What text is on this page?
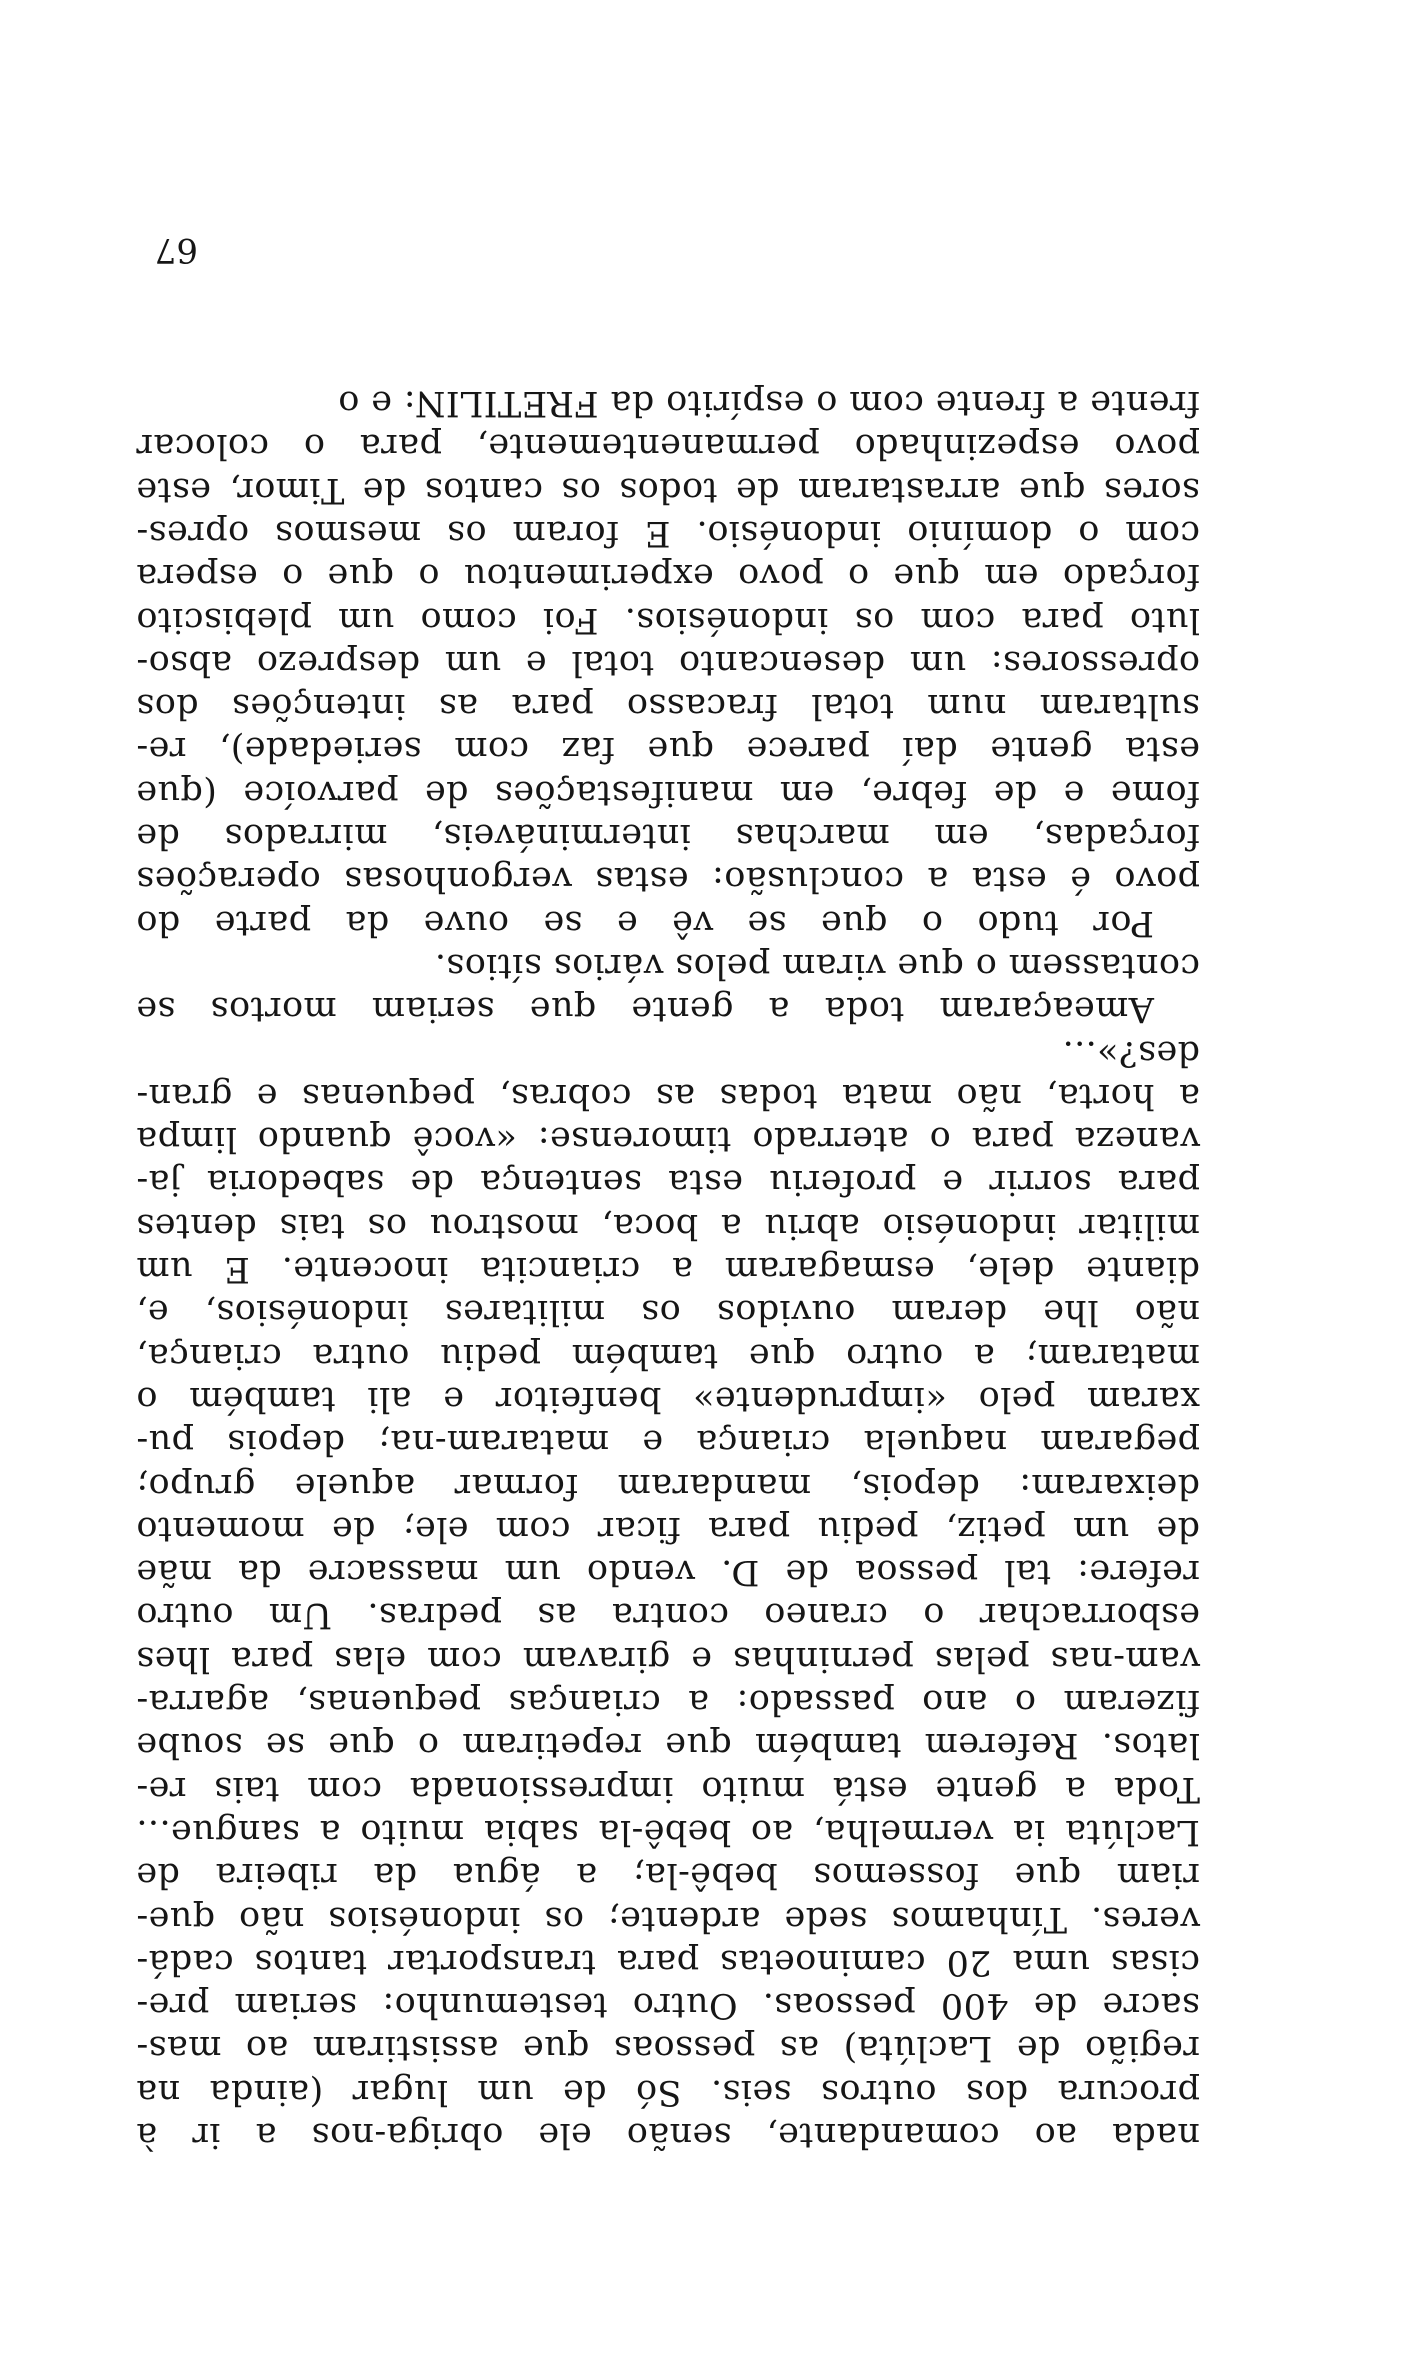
nada ao comandante, senão ele obriga-nos a ir à
procura dos outros seis. Só de um lugar (ainda na
região de Laclúta) as pessoas que assistiram ao mas-
sacre de 400 pessoas. Outro testemunho: seriam pre-
cisas uma 20 caminoetas para transportar tantos cadá-
veres. Tínhamos sede ardente; os indonésios não que-
riam que fossemos bebê-la; a água da ribeira de
Laclúta ia vermelha, ao bebê-la sabia muito a sangue...
Toda a gente está muito impressionada com tais re-
latos. Referem também que repetiram o que se soube
fizeram o ano passado: a crianças pequenas, agarra-
vam-nas pelas perninhas e giravam com elas para lhes
esborrachar o craneo contra as pedras. Um outro
refere: tal pessoa de D. vendo um massacre da mãe
de um petiz, pediu para ficar com ele; de momento
deixaram: depois, mandaram formar aquele grupo;
pegaram naquela criança e mataram-na; depois pu-
xaram pelo «imprudente» benfeitor e ali também o
mataram; a outro que também pediu outra criança,
não lhe deram ouvidos os militares indonésios, e,
diante dele, esmagaram a criancita inocente. E um
militar indonésio abriu a boca, mostrou os tais dentes
para sorrir e proferiu esta sentença de sabedoria ja-
vaneza para o aterrado timorense: «você quando limpa
a horta, não mata todas as cobras, pequenas e gran-
des?»...
Ameaçaram toda a gente que seriam mortos se
contassem o que viram pelos vários sítios.
Por tudo o que se vê e se ouve da parte do
povo é esta a conclusão: estas vergonhosas operações
forçadas, em marchas intermináveis, mirrados de
fome e de febre, em manifestações de parvoíce (que
esta gente daí parece que faz com seriedade), re-
sultaram num total fracasso para as intenções dos
opressores: um desencanto total e um desprezo abso-
luto para com os indonésios. Foi como um plebiscito
forçado em que o povo experimentou o que o espera
com o domínio indonésio. E foram os mesmos opres-
sores que arrastaram de todos os cantos de Timor, este
povo espezinhado permanentemente, para o colocar
frente a frente com o espírito da FRETILIN: e o
67
